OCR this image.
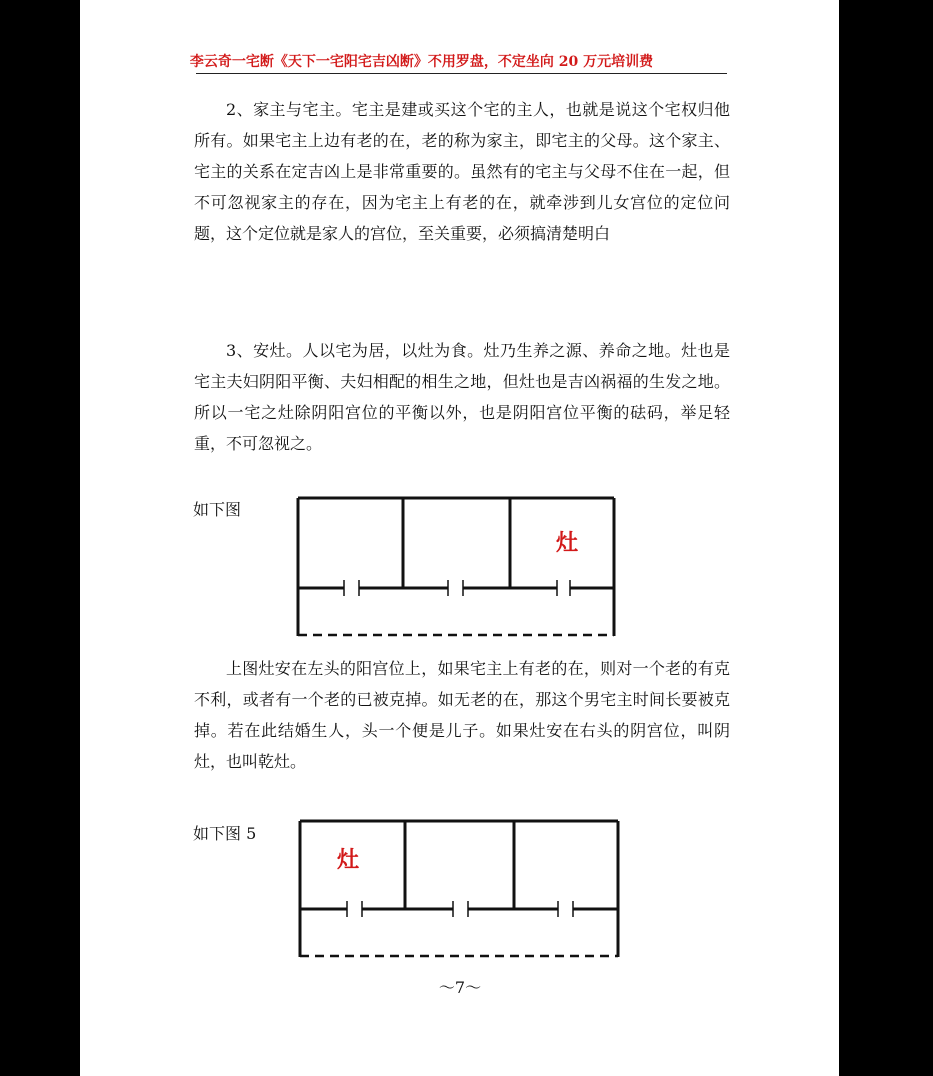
李云奇一宅断《天下一宅阳宅吉凶断》不用罗盘，不定坐向 20 万元培训费

2、家主与宅主。宅主是建或买这个宅的主人，也就是说这个宅权归他所有。如果宅主上边有老的在，老的称为家主，即宅主的父母。这个家主、宅主的关系在定吉凶上是非常重要的。虽然有的宅主与父母不住在一起，但不可忽视家主的存在，因为宅主上有老的在，就牵涉到儿女宫位的定位问题，这个定位就是家人的宫位，至关重要，必须搞清楚明白

3、安灶。人以宅为居，以灶为食。灶乃生养之源、养命之地。灶也是宅主夫妇阴阳平衡、夫妇相配的相生之地，但灶也是吉凶祸福的生发之地。所以一宅之灶除阴阳宫位的平衡以外，也是阴阳宫位平衡的砝码，举足轻重，不可忽视之。

如下图
灶

上图灶安在左头的阳宫位上，如果宅主上有老的在，则对一个老的有克不利，或者有一个老的已被克掉。如无老的在，那这个男宅主时间长要被克掉。若在此结婚生人，头一个便是儿子。如果灶安在右头的阴宫位，叫阴灶，也叫乾灶。

如下图 5
灶
～7～
